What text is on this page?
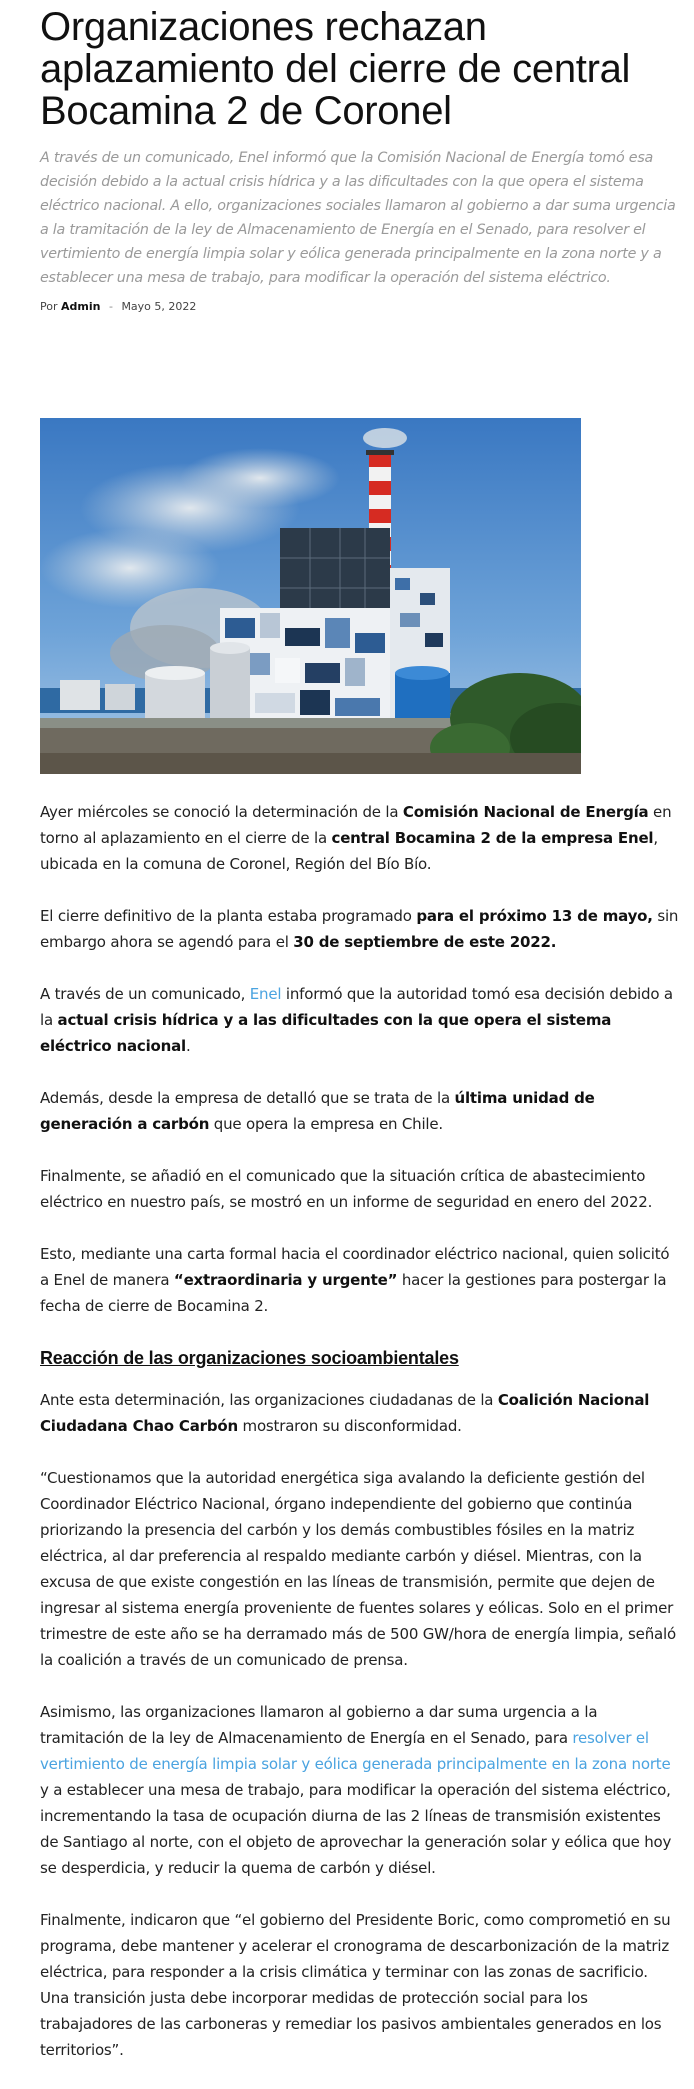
Organizaciones rechazan aplazamiento del cierre de central Bocamina 2 de Coronel

A través de un comunicado, Enel informó que la Comisión Nacional de Energía tomó esa decisión debido a la actual crisis hídrica y a las dificultades con la que opera el sistema eléctrico nacional. A ello, organizaciones sociales llamaron al gobierno a dar suma urgencia a la tramitación de la ley de Almacenamiento de Energía en el Senado, para resolver el vertimiento de energía limpia solar y eólica generada principalmente en la zona norte y a establecer una mesa de trabajo, para modificar la operación del sistema eléctrico.

Por Admin - Mayo 5, 2022

Ayer miércoles se conoció la determinación de la Comisión Nacional de Energía en torno al aplazamiento en el cierre de la central Bocamina 2 de la empresa Enel, ubicada en la comuna de Coronel, Región del Bío Bío.

El cierre definitivo de la planta estaba programado para el próximo 13 de mayo, sin embargo ahora se agendó para el 30 de septiembre de este 2022.

A través de un comunicado, Enel informó que la autoridad tomó esa decisión debido a la actual crisis hídrica y a las dificultades con la que opera el sistema eléctrico nacional.

Además, desde la empresa de detalló que se trata de la última unidad de generación a carbón que opera la empresa en Chile.

Finalmente, se añadió en el comunicado que la situación crítica de abastecimiento eléctrico en nuestro país, se mostró en un informe de seguridad en enero del 2022.

Esto, mediante una carta formal hacia el coordinador eléctrico nacional, quien solicitó a Enel de manera “extraordinaria y urgente” hacer la gestiones para postergar la fecha de cierre de Bocamina 2.

Reacción de las organizaciones socioambientales

Ante esta determinación, las organizaciones ciudadanas de la Coalición Nacional Ciudadana Chao Carbón mostraron su disconformidad.

“Cuestionamos que la autoridad energética siga avalando la deficiente gestión del Coordinador Eléctrico Nacional, órgano independiente del gobierno que continúa priorizando la presencia del carbón y los demás combustibles fósiles en la matriz eléctrica, al dar preferencia al respaldo mediante carbón y diésel. Mientras, con la excusa de que existe congestión en las líneas de transmisión, permite que dejen de ingresar al sistema energía proveniente de fuentes solares y eólicas. Solo en el primer trimestre de este año se ha derramado más de 500 GW/hora de energía limpia, señaló la coalición a través de un comunicado de prensa.

Asimismo, las organizaciones llamaron al gobierno a dar suma urgencia a la tramitación de la ley de Almacenamiento de Energía en el Senado, para resolver el vertimiento de energía limpia solar y eólica generada principalmente en la zona norte y a establecer una mesa de trabajo, para modificar la operación del sistema eléctrico, incrementando la tasa de ocupación diurna de las 2 líneas de transmisión existentes de Santiago al norte, con el objeto de aprovechar la generación solar y eólica que hoy se desperdicia, y reducir la quema de carbón y diésel.

Finalmente, indicaron que “el gobierno del Presidente Boric, como comprometió en su programa, debe mantener y acelerar el cronograma de descarbonización de la matriz eléctrica, para responder a la crisis climática y terminar con las zonas de sacrificio. Una transición justa debe incorporar medidas de protección social para los trabajadores de las carboneras y remediar los pasivos ambientales generados en los territorios”.
